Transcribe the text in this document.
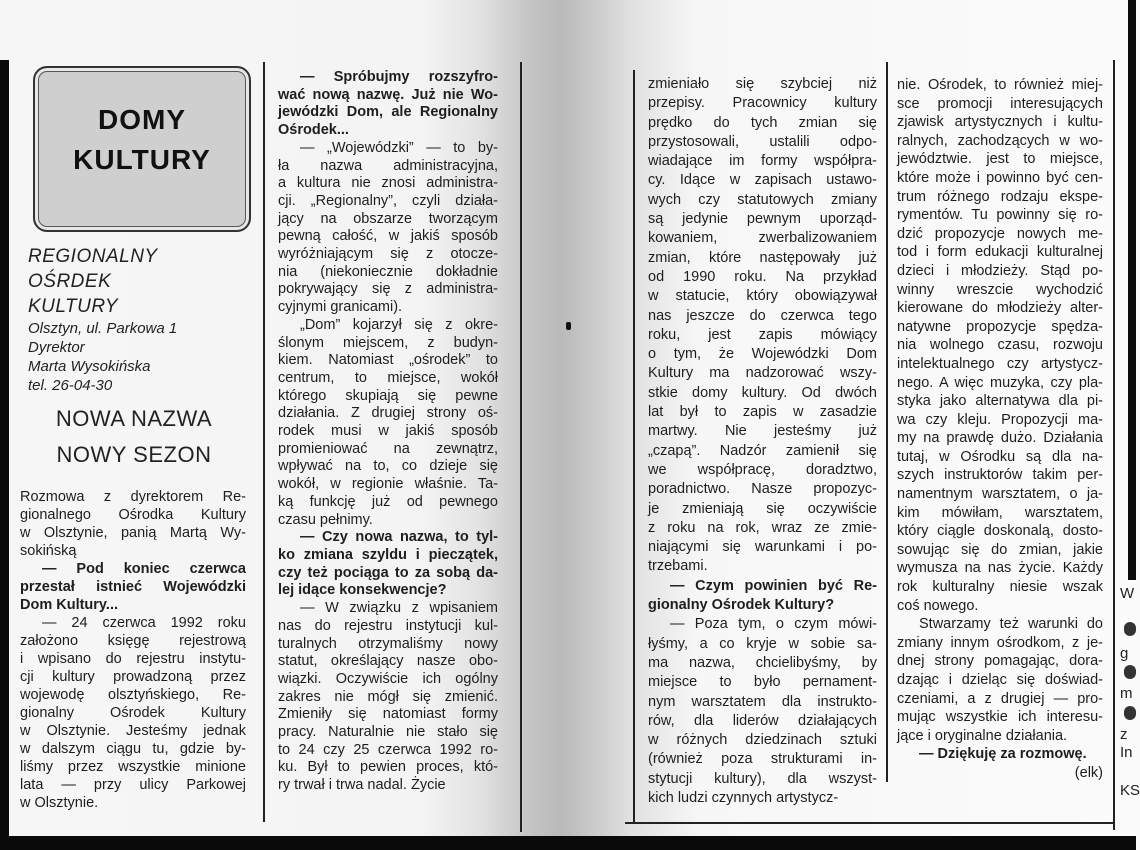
DOMY
KULTURY
REGIONALNY
OŚRDEK
KULTURY
Olsztyn, ul. Parkowa 1
Dyrektor
Marta Wysokińska
tel. 26-04-30
NOWA NAZWA
NOWY SEZON
Rozmowa z dyrektorem Re-
gionalnego Ośrodka Kultury
w Olsztynie, panią Martą Wy-
sokińską
— Pod koniec czerwca
przestał istnieć Wojewódzki
Dom Kultury...
— 24 czerwca 1992 roku
założono księgę rejestrową
i wpisano do rejestru instytu-
cji kultury prowadzoną przez
wojewodę olsztyńskiego, Re-
gionalny Ośrodek Kultury
w Olsztynie. Jesteśmy jednak
w dalszym ciągu tu, gdzie by-
liśmy przez wszystkie minione
lata — przy ulicy Parkowej
w Olsztynie.
— Spróbujmy rozszyfro-
wać nową nazwę. Już nie Wo-
jewódzki Dom, ale Regionalny
Ośrodek...
— „Wojewódzki” — to by-
ła nazwa administracyjna,
a kultura nie znosi administra-
cji. „Regionalny”, czyli działa-
jący na obszarze tworzącym
pewną całość, w jakiś sposób
wyróżniającym się z otocze-
nia (niekoniecznie dokładnie
pokrywający się z administra-
cyjnymi granicami).
„Dom” kojarzył się z okre-
ślonym miejscem, z budyn-
kiem. Natomiast „ośrodek” to
centrum, to miejsce, wokół
którego skupiają się pewne
działania. Z drugiej strony oś-
rodek musi w jakiś sposób
promieniować na zewnątrz,
wpływać na to, co dzieje się
wokół, w regionie właśnie. Ta-
ką funkcję już od pewnego
czasu pełnimy.
— Czy nowa nazwa, to tyl-
ko zmiana szyldu i pieczątek,
czy też pociąga to za sobą da-
lej idące konsekwencje?
— W związku z wpisaniem
nas do rejestru instytucji kul-
turalnych otrzymaliśmy nowy
statut, określający nasze obo-
wiązki. Oczywiście ich ogólny
zakres nie mógł się zmienić.
Zmieniły się natomiast formy
pracy. Naturalnie nie stało się
to 24 czy 25 czerwca 1992 ro-
ku. Był to pewien proces, któ-
ry trwał i trwa nadal. Życie
zmieniało się szybciej niż
przepisy. Pracownicy kultury
prędko do tych zmian się
przystosowali, ustalili odpo-
wiadające im formy współpra-
cy. Idące w zapisach ustawo-
wych czy statutowych zmiany
są jedynie pewnym uporząd-
kowaniem, zwerbalizowaniem
zmian, które następowały już
od 1990 roku. Na przykład
w statucie, który obowiązywał
nas jeszcze do czerwca tego
roku, jest zapis mówiący
o tym, że Wojewódzki Dom
Kultury ma nadzorować wszy-
stkie domy kultury. Od dwóch
lat był to zapis w zasadzie
martwy. Nie jesteśmy już
„czapą”. Nadzór zamienił się
we współpracę, doradztwo,
poradnictwo. Nasze propozyc-
je zmieniają się oczywiście
z roku na rok, wraz ze zmie-
niającymi się warunkami i po-
trzebami.
— Czym powinien być Re-
gionalny Ośrodek Kultury?
— Poza tym, o czym mówi-
łyśmy, a co kryje w sobie sa-
ma nazwa, chcielibyśmy, by
miejsce to było pernament-
nym warsztatem dla instrukto-
rów, dla liderów działających
w różnych dziedzinach sztuki
(również poza strukturami in-
stytucji kultury), dla wszyst-
kich ludzi czynnych artystycz-
nie. Ośrodek, to również miej-
sce promocji interesujących
zjawisk artystycznych i kultu-
ralnych, zachodzących w wo-
jewództwie. jest to miejsce,
które może i powinno być cen-
trum różnego rodzaju ekspe-
rymentów. Tu powinny się ro-
dzić propozycje nowych me-
tod i form edukacji kulturalnej
dzieci i młodzieży. Stąd po-
winny wreszcie wychodzić
kierowane do młodzieży alter-
natywne propozycje spędza-
nia wolnego czasu, rozwoju
intelektualnego czy artystycz-
nego. A więc muzyka, czy pla-
styka jako alternatywa dla pi-
wa czy kleju. Propozycji ma-
my na prawdę dużo. Działania
tutaj, w Ośrodku są dla na-
szych instruktorów takim per-
namentnym warsztatem, o ja-
kim mówiłam, warsztatem,
który ciągle doskonalą, dosto-
sowując się do zmian, jakie
wymusza na nas życie. Każdy
rok kulturalny niesie wszak
coś nowego.
Stwarzamy też warunki do
zmiany innym ośrodkom, z je-
dnej strony pomagając, dora-
dzając i dzieląc się doświad-
czeniami, a z drugiej — pro-
mując wszystkie ich interesu-
jące i oryginalne działania.
— Dziękuję za rozmowę.
(elk)
W
g
m
z
In
KS
